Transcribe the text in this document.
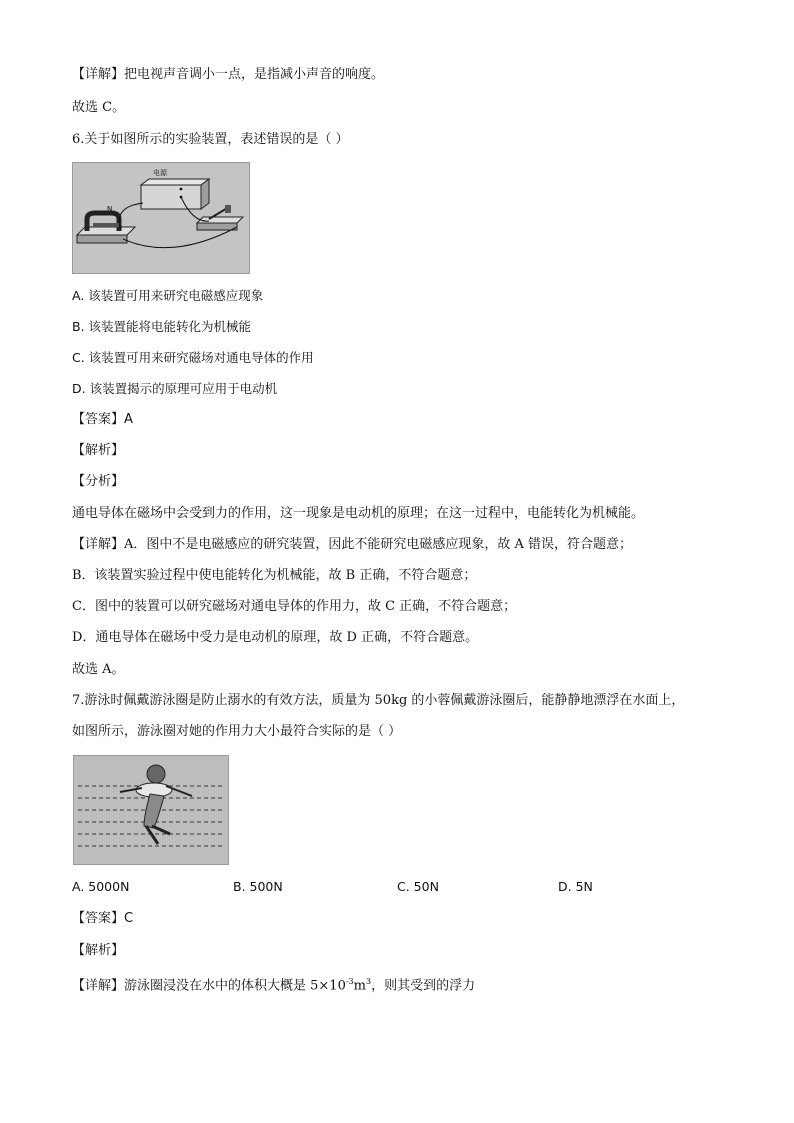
【详解】把电视声音调小一点，是指减小声音的响度。
故选 C。
6.关于如图所示的实验装置，表述错误的是（ ）
电源
N
A. 该装置可用来研究电磁感应现象
B. 该装置能将电能转化为机械能
C. 该装置可用来研究磁场对通电导体的作用
D. 该装置揭示的原理可应用于电动机
【答案】A
【解析】
【分析】
通电导体在磁场中会受到力的作用，这一现象是电动机的原理；在这一过程中，电能转化为机械能。
【详解】A．图中不是电磁感应的研究装置，因此不能研究电磁感应现象，故 A 错误，符合题意；
B．该装置实验过程中使电能转化为机械能，故 B 正确，不符合题意；
C．图中的装置可以研究磁场对通电导体的作用力，故 C 正确，不符合题意；
D．通电导体在磁场中受力是电动机的原理，故 D 正确，不符合题意。
故选 A。
7.游泳时佩戴游泳圈是防止溺水的有效方法，质量为 50kg 的小蓉佩戴游泳圈后，能静静地漂浮在水面上，
如图所示，游泳圈对她的作用力大小最符合实际的是（ ）
A. 5000N	B. 500N	C. 50N	D. 5N
【答案】C
【解析】
【详解】游泳圈浸没在水中的体积大概是 $5\times 10^{-3}m^3$，则其受到的浮力
